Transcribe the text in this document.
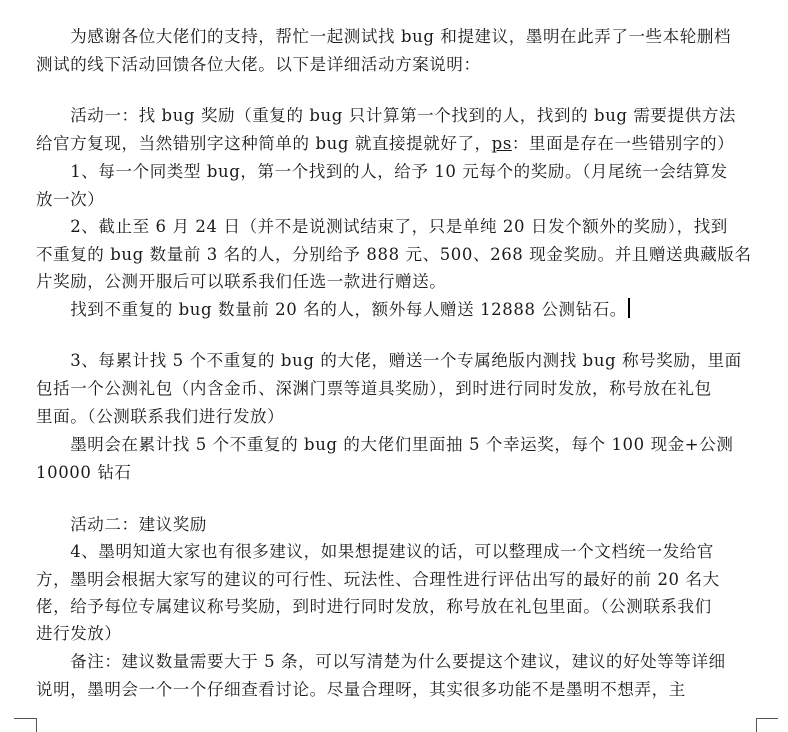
　　为感谢各位大佬们的支持，帮忙一起测试找 bug 和提建议，墨明在此弄了一些本轮删档
测试的线下活动回馈各位大佬。以下是详细活动方案说明：
　　活动一：找 bug 奖励（重复的 bug 只计算第一个找到的人，找到的 bug 需要提供方法
给官方复现，当然错别字这种简单的 bug 就直接提就好了，ps：里面是存在一些错别字的）
　　1、每一个同类型 bug，第一个找到的人，给予 10 元每个的奖励。（月尾统一会结算发
放一次）
　　2、截止至 6 月 24 日（并不是说测试结束了，只是单纯 20 日发个额外的奖励），找到
不重复的 bug 数量前 3 名的人，分别给予 888 元、500、268 现金奖励。并且赠送典藏版名
片奖励，公测开服后可以联系我们任选一款进行赠送。
　　找到不重复的 bug 数量前 20 名的人，额外每人赠送 12888 公测钻石。
　　3、每累计找 5 个不重复的 bug 的大佬，赠送一个专属绝版内测找 bug 称号奖励，里面
包括一个公测礼包（内含金币、深渊门票等道具奖励），到时进行同时发放，称号放在礼包
里面。（公测联系我们进行发放）
　　墨明会在累计找 5 个不重复的 bug 的大佬们里面抽 5 个幸运奖，每个 100 现金+公测
10000 钻石
　　活动二：建议奖励
　　4、墨明知道大家也有很多建议，如果想提建议的话，可以整理成一个文档统一发给官
方，墨明会根据大家写的建议的可行性、玩法性、合理性进行评估出写的最好的前 20 名大
佬，给予每位专属建议称号奖励，到时进行同时发放，称号放在礼包里面。（公测联系我们
进行发放）
　　备注：建议数量需要大于 5 条，可以写清楚为什么要提这个建议，建议的好处等等详细
说明，墨明会一个一个仔细查看讨论。尽量合理呀，其实很多功能不是墨明不想弄，主
